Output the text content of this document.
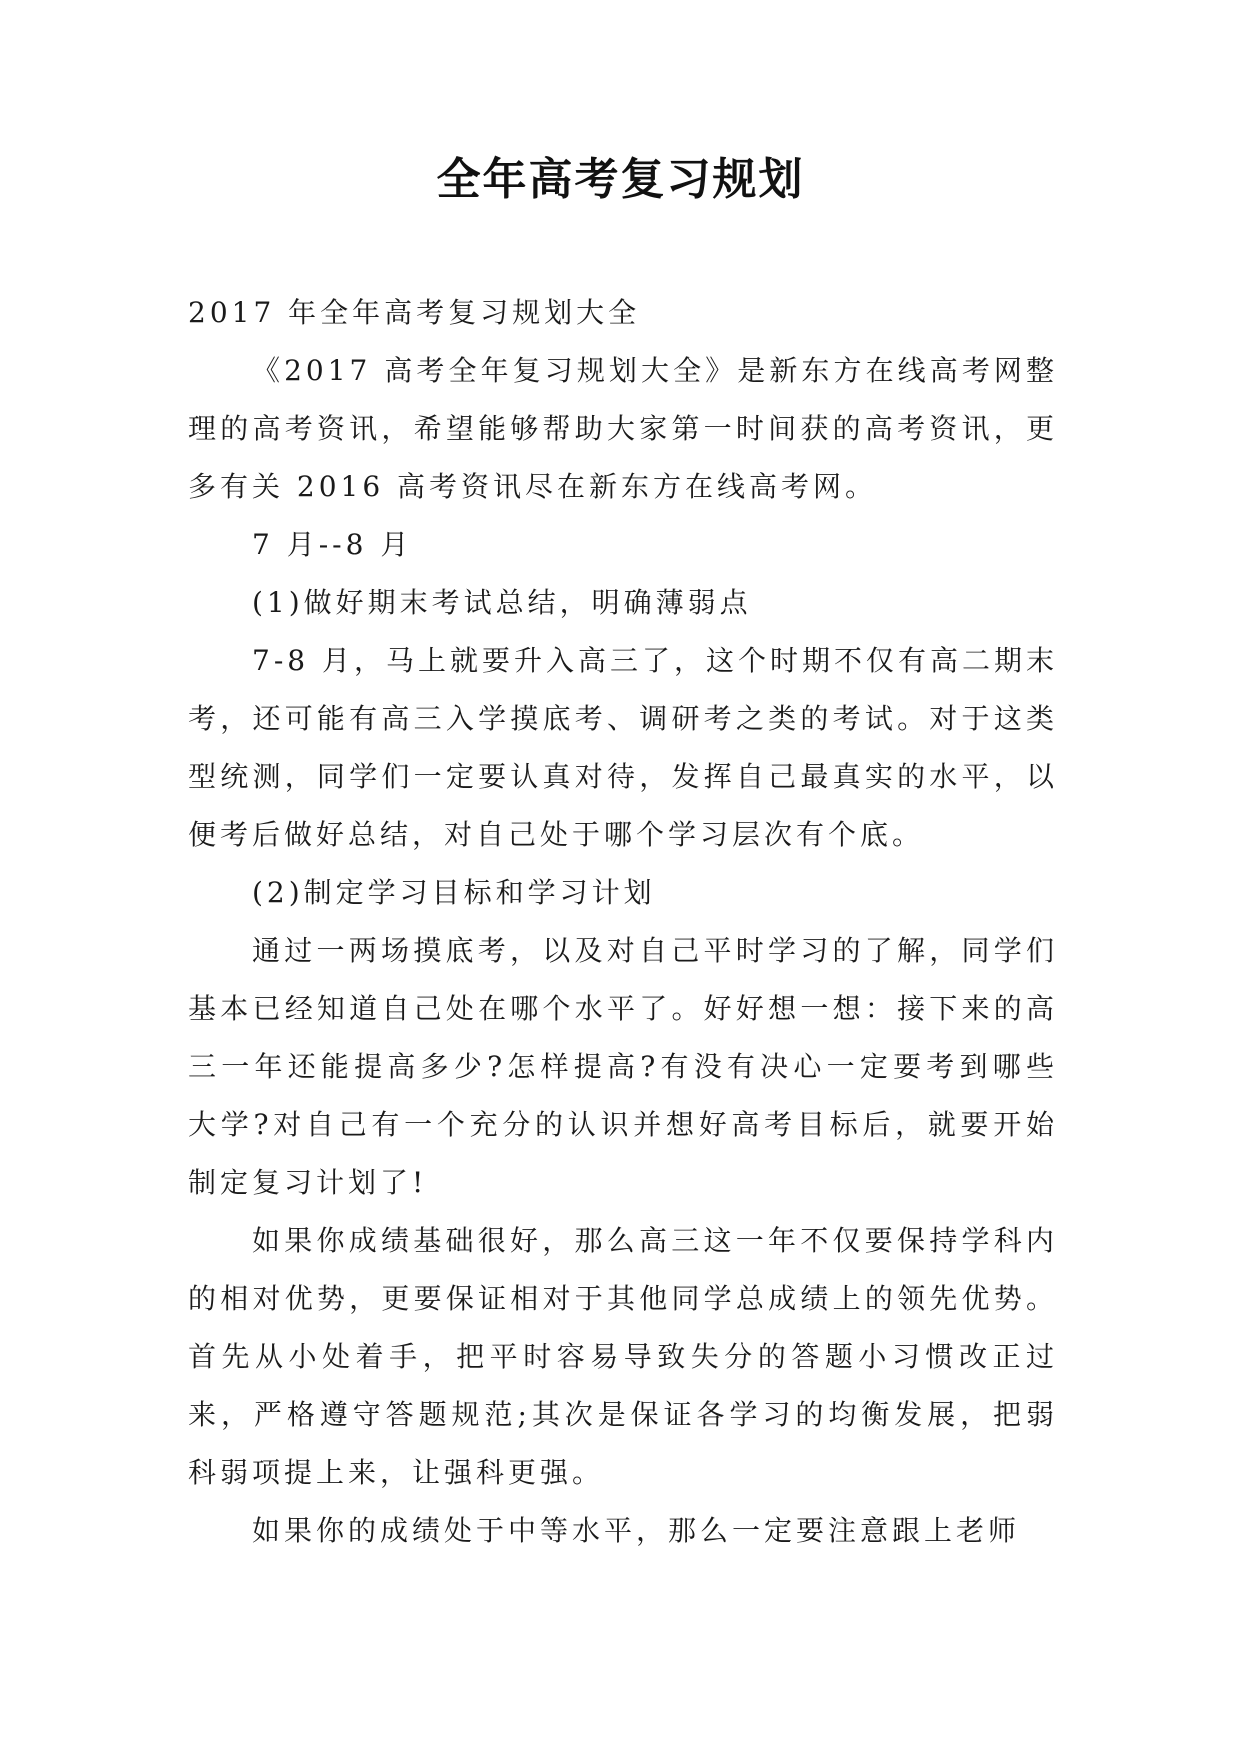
全年高考复习规划

2017 年全年高考复习规划大全

《2017 高考全年复习规划大全》是新东方在线高考网整理的高考资讯，希望能够帮助大家第一时间获的高考资讯，更多有关 2016 高考资讯尽在新东方在线高考网。

7 月--8 月

(1)做好期末考试总结，明确薄弱点

7-8 月，马上就要升入高三了，这个时期不仅有高二期末考，还可能有高三入学摸底考、调研考之类的考试。对于这类型统测，同学们一定要认真对待，发挥自己最真实的水平，以便考后做好总结，对自己处于哪个学习层次有个底。

(2)制定学习目标和学习计划

通过一两场摸底考，以及对自己平时学习的了解，同学们基本已经知道自己处在哪个水平了。好好想一想：接下来的高三一年还能提高多少?怎样提高?有没有决心一定要考到哪些大学?对自己有一个充分的认识并想好高考目标后，就要开始制定复习计划了!

如果你成绩基础很好，那么高三这一年不仅要保持学科内的相对优势，更要保证相对于其他同学总成绩上的领先优势。首先从小处着手，把平时容易导致失分的答题小习惯改正过来，严格遵守答题规范;其次是保证各学习的均衡发展，把弱科弱项提上来，让强科更强。

如果你的成绩处于中等水平，那么一定要注意跟上老师
